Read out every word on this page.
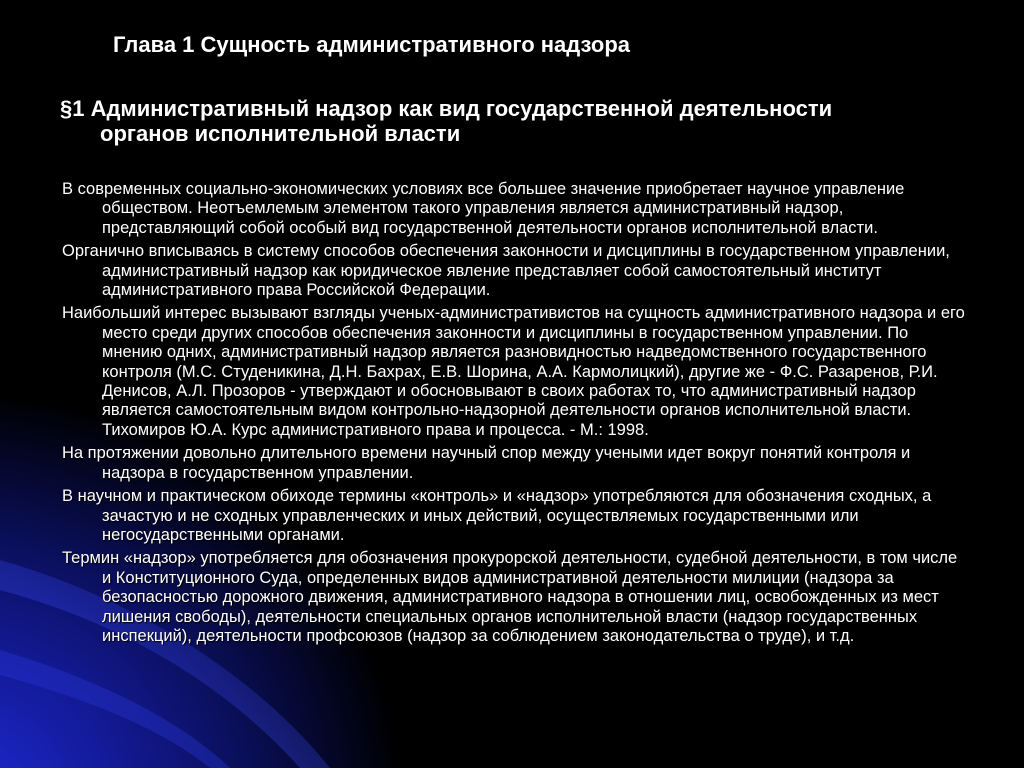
Глава 1 Сущность административного надзора
§1 Административный надзор как вид государственной деятельности
органов исполнительной власти

В современных социально-экономических условиях все большее значение приобретает научное управление обществом. Неотъемлемым элементом такого управления является административный надзор, представляющий собой особый вид государственной деятельности органов исполнительной власти.

Органично вписываясь в систему способов обеспечения законности и дисциплины в государственном управлении, административный надзор как юридическое явление представляет собой самостоятельный институт административного права Российской Федерации.

Наибольший интерес вызывают взгляды ученых-административистов на сущность административного надзора и его место среди других способов обеспечения законности и дисциплины в государственном управлении. По мнению одних, административный надзор является разновидностью надведомственного государственного контроля (М.С. Студеникина, Д.Н. Бахрах, Е.В. Шорина, А.А. Кармолицкий), другие же - Ф.С. Разаренов, Р.И. Денисов, А.Л. Прозоров - утверждают и обосновывают в своих работах то, что административный надзор является самостоятельным видом контрольно-надзорной деятельности органов исполнительной власти. Тихомиров Ю.А. Курс административного права и процесса. - М.: 1998.

На протяжении довольно длительного времени научный спор между учеными идет вокруг понятий контроля и надзора в государственном управлении.

В научном и практическом обиходе термины «контроль» и «надзор» употребляются для обозначения сходных, а зачастую и не сходных управленческих и иных действий, осуществляемых государственными или негосударственными органами.

Термин «надзор» употребляется для обозначения прокурорской деятельности, судебной деятельности, в том числе и Конституционного Суда, определенных видов административной деятельности милиции (надзора за безопасностью дорожного движения, административного надзора в отношении лиц, освобожденных из мест лишения свободы), деятельности специальных органов исполнительной власти (надзор государственных инспекций), деятельности профсоюзов (надзор за соблюдением законодательства о труде), и т.д.
